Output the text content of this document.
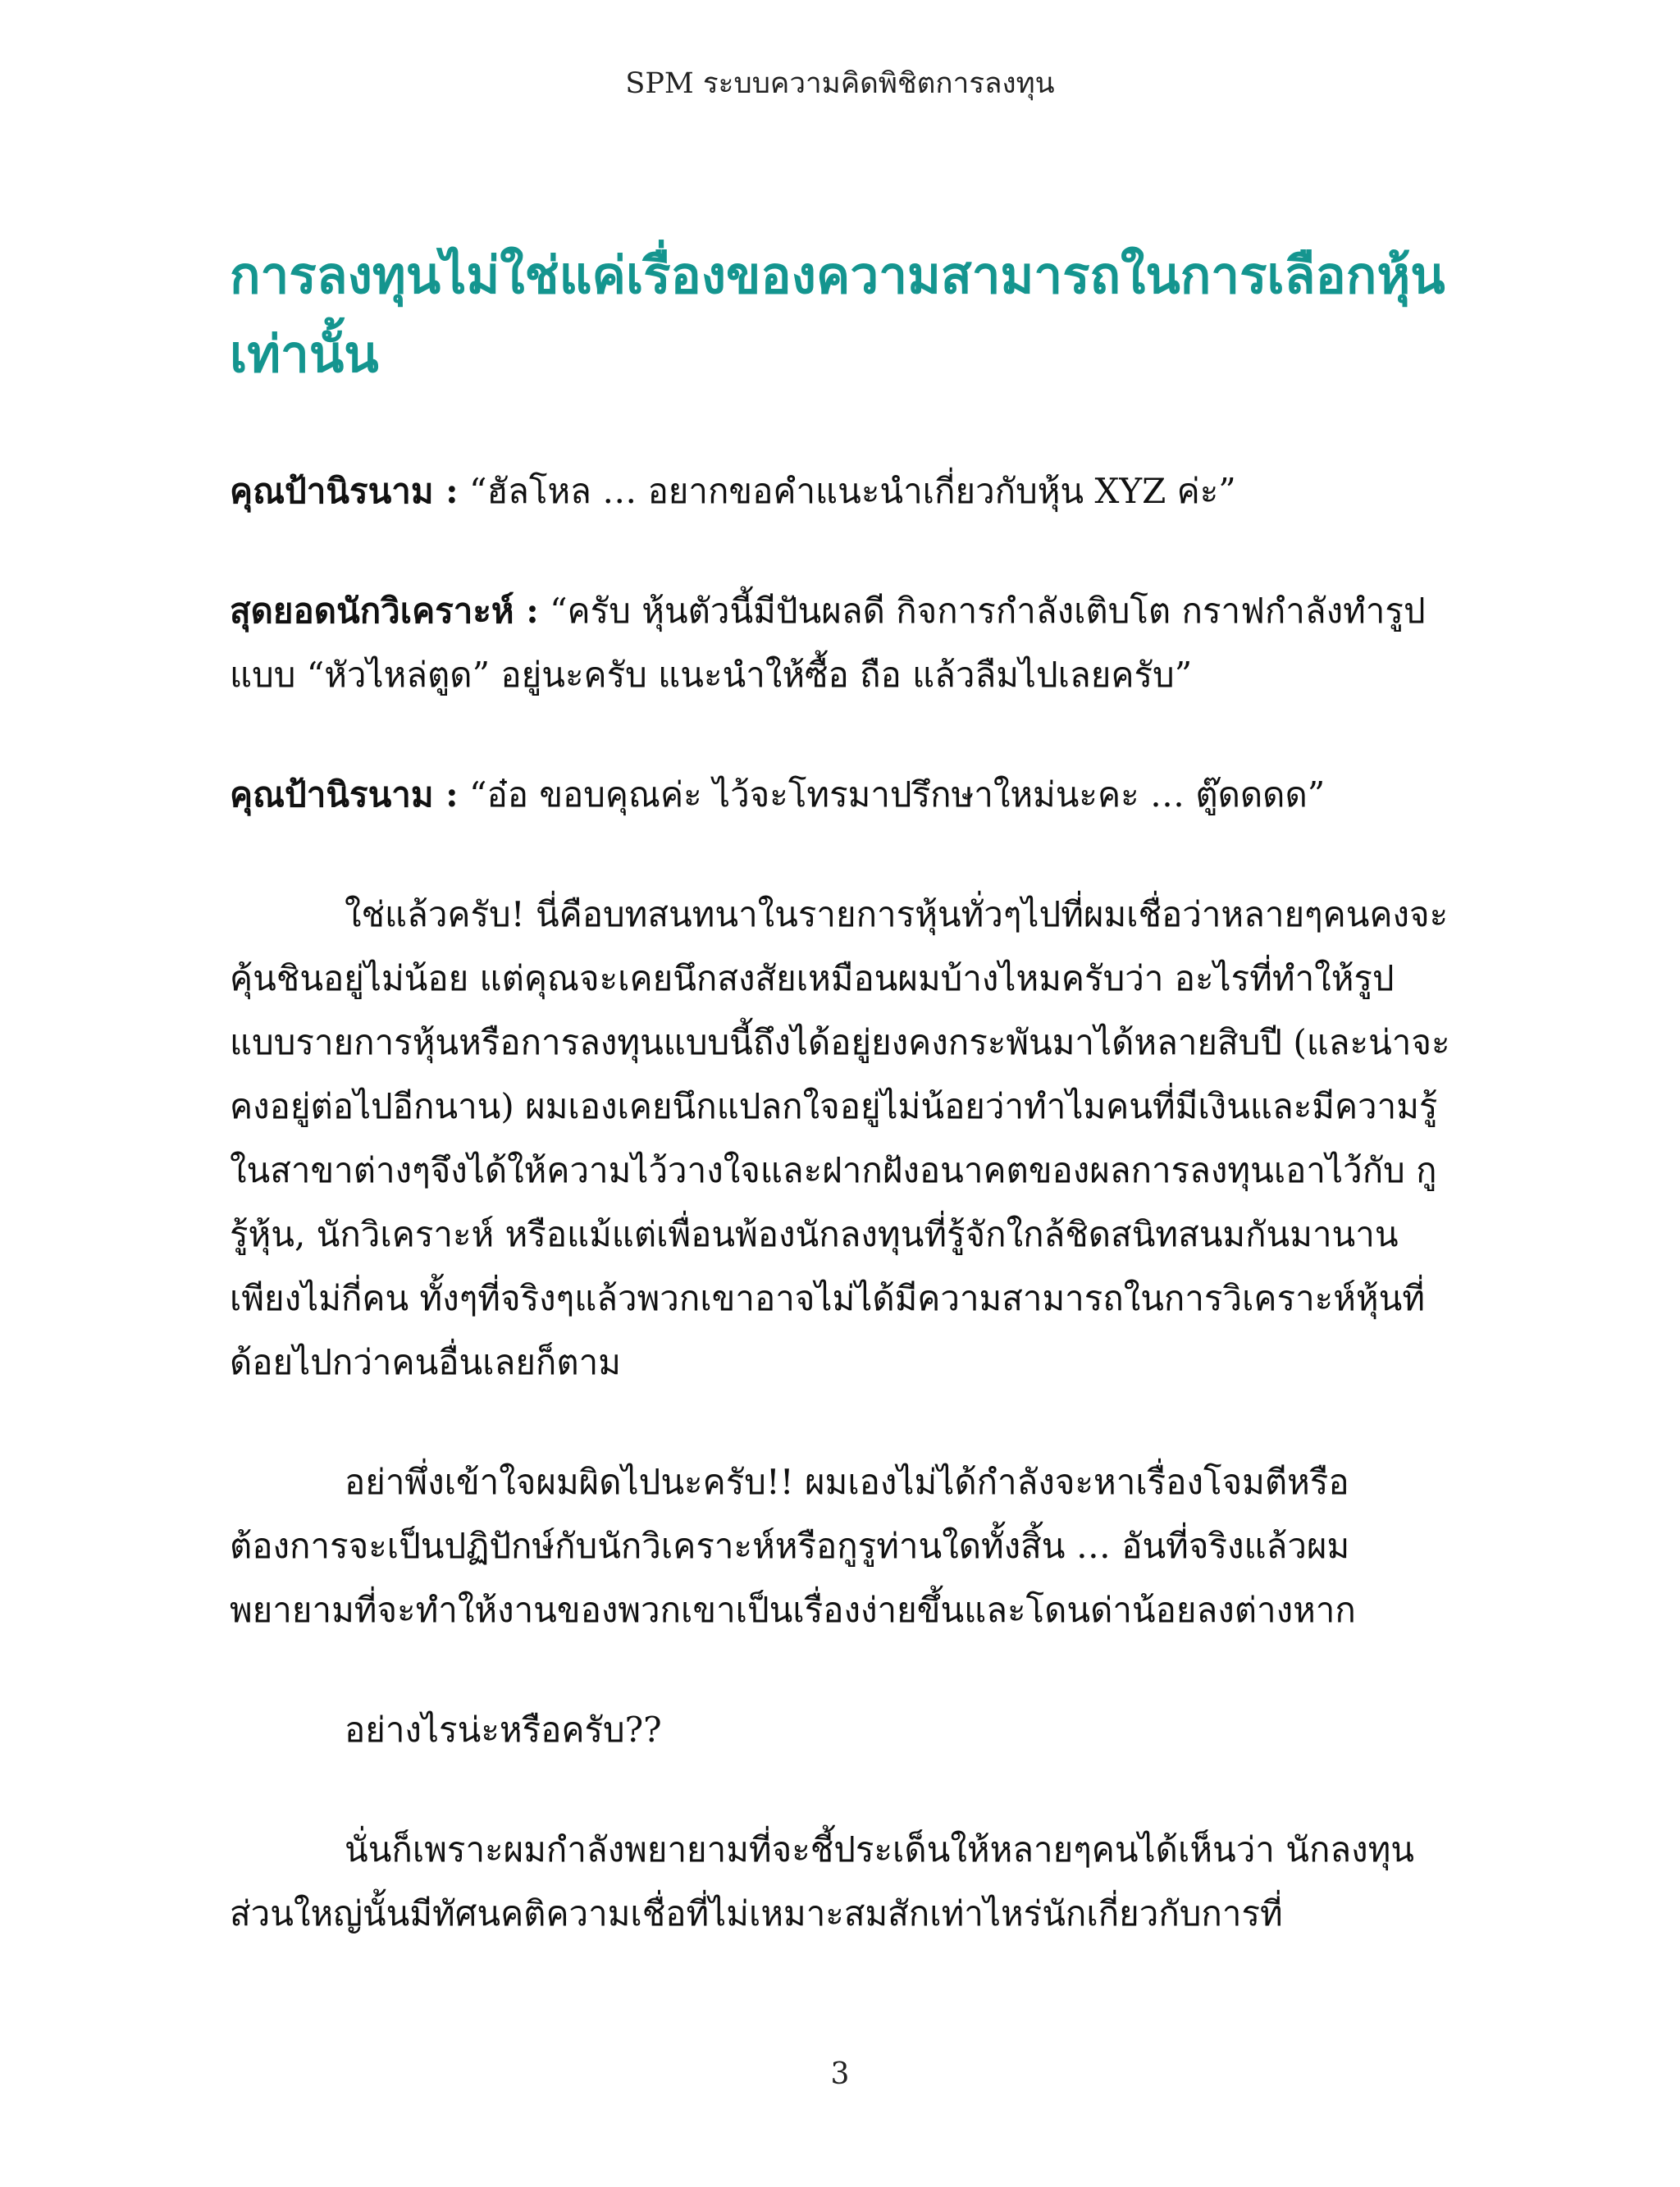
SPM ระบบความคิดพิชิตการลงทุน
การลงทุนไม่ใช่แค่เรื่องของความสามารถในการเลือกหุ้นเท่านั้น

คุณป้านิรนาม : “ฮัลโหล … อยากขอคำแนะนำเกี่ยวกับหุ้น XYZ ค่ะ”

สุดยอดนักวิเคราะห์ : “ครับ หุ้นตัวนี้มีปันผลดี กิจการกำลังเติบโต กราฟกำลังทำรูปแบบ “หัวไหล่ตูด” อยู่นะครับ แนะนำให้ซื้อ ถือ แล้วลืมไปเลยครับ”

คุณป้านิรนาม : “อ๋อ ขอบคุณค่ะ ไว้จะโทรมาปรึกษาใหม่นะคะ … ตู๊ดดดด”

ใช่แล้วครับ! นี่คือบทสนทนาในรายการหุ้นทั่วๆไปที่ผมเชื่อว่าหลายๆคนคงจะคุ้นชินอยู่ไม่น้อย แต่คุณจะเคยนึกสงสัยเหมือนผมบ้างไหมครับว่า อะไรที่ทำให้รูปแบบรายการหุ้นหรือการลงทุนแบบนี้ถึงได้อยู่ยงคงกระพันมาได้หลายสิบปี (และน่าจะคงอยู่ต่อไปอีกนาน) ผมเองเคยนึกแปลกใจอยู่ไม่น้อยว่าทำไมคนที่มีเงินและมีความรู้ในสาขาต่างๆจึงได้ให้ความไว้วางใจและฝากฝังอนาคตของผลการลงทุนเอาไว้กับ กูรู้หุ้น, นักวิเคราะห์ หรือแม้แต่เพื่อนพ้องนักลงทุนที่รู้จักใกล้ชิดสนิทสนมกันมานานเพียงไม่กี่คน ทั้งๆที่จริงๆแล้วพวกเขาอาจไม่ได้มีความสามารถในการวิเคราะห์หุ้นที่ด้อยไปกว่าคนอื่นเลยก็ตาม

อย่าพึ่งเข้าใจผมผิดไปนะครับ!! ผมเองไม่ได้กำลังจะหาเรื่องโจมตีหรือต้องการจะเป็นปฏิปักษ์กับนักวิเคราะห์หรือกูรูท่านใดทั้งสิ้น … อันที่จริงแล้วผมพยายามที่จะทำให้งานของพวกเขาเป็นเรื่องง่ายขึ้นและโดนด่าน้อยลงต่างหาก

อย่างไรน่ะหรือครับ??

นั่นก็เพราะผมกำลังพยายามที่จะชี้ประเด็นให้หลายๆคนได้เห็นว่า นักลงทุนส่วนใหญ่นั้นมีทัศนคติความเชื่อที่ไม่เหมาะสมสักเท่าไหร่นักเกี่ยวกับการที่

3
